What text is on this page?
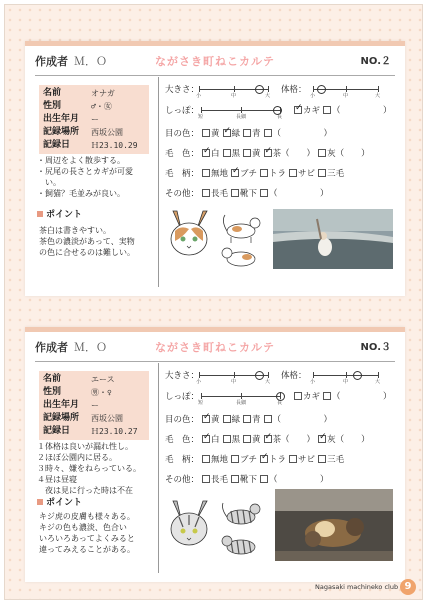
作成者 Ｍ．Ｏ	ながさき町ねこカルテ	NO.２
名前	オナガ
性別	♂・㊛
出生年月	ー
記録場所	西坂公園
記録日	Ｈ23.10.29
・周辺をよく散歩する。
・尻尾の長さとカギが可愛
　い。
・飼猫？毛並みが良い。
ポイント
茶白は書きやすい。
茶色の濃淡があって、実物
の色に合せるのは難しい。
大きさ：
小	中	大
体格：
小	中	大
しっぽ：
短	長細	長
✓カギ （　　　　　）
目の色： 黄 ✓ 緑 青 （　　　　　）
毛　色： ✓ 白 黒 黄 ✓ 茶（　　） 灰（　　）
毛　柄： 無地 ✓ ブチ トラ サビ 三毛
その他： 長毛 靴下 （　　　　　）
作成者 Ｍ．Ｏ	ながさき町ねこカルテ	NO.３
名前	エース
性別	㊚・♀
出生年月	ー
記録場所	西坂公園
記録日	Ｈ23.10.27
１体格は良いが漏れ性し。
２ほぼ公園内に居る。
３時々、嫌をねらっている。
４昼は昼寝
　夜は見に行った時は不在
ポイント
キジ虎の皮膚も様々ある。
キジの色も濃淡、色合い
いろいろあってよくみると
違ってみえることがある。
大きさ：
小	中	大
体格：
小	中	大
しっぽ：
短	長細	長
カギ （　　　　　）
目の色： ✓ 黄 緑 青 （　　　　　）
毛　色： ✓ 白 黒 黄 ✓ 茶（　　） ✓ 灰（　　）
毛　柄： 無地 ブチ ✓ トラ サビ 三毛
その他： 長毛 靴下 （　　　　　）
Nagasaki machineko club 9
